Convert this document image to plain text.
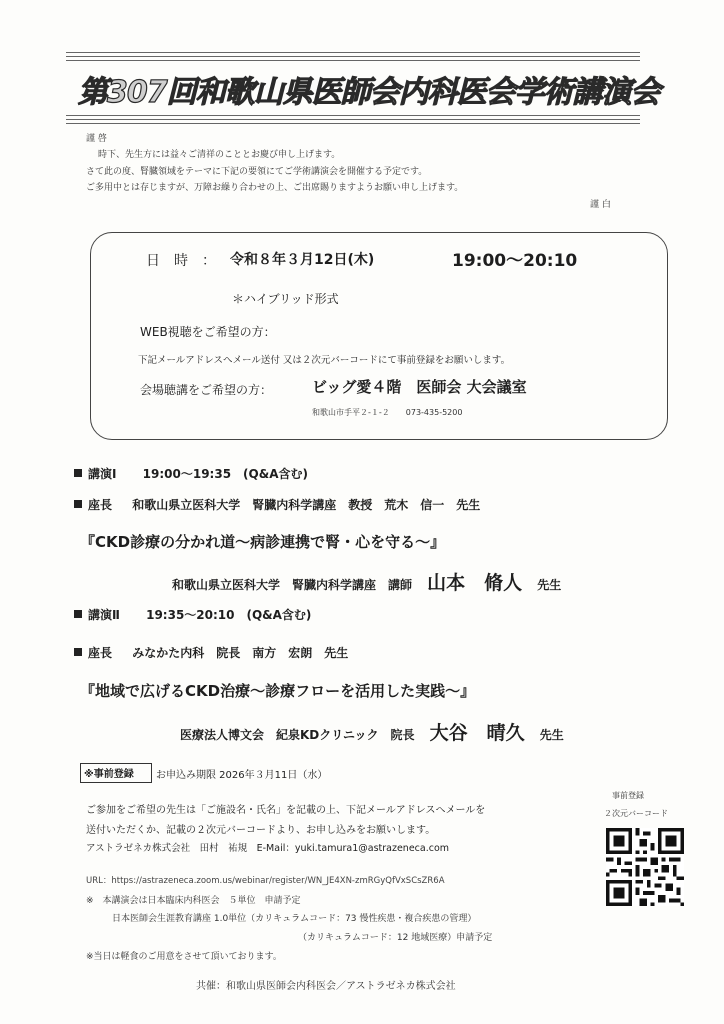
第307回和歌山県医師会内科医会学術講演会
謹 啓
時下、先生方には益々ご清祥のこととお慶び申し上げます。
さて此の度、腎臓領域をテーマに下記の要領にてご学術講演会を開催する予定です。
ご多用中とは存じますが、万障お繰り合わせの上、ご出席賜りますようお願い申し上げます。
謹 白
日　時　： 令和８年３月12日(木)	19:00～20:10
＊ハイブリッド形式
WEB視聴をご希望の方：
下記メールアドレスへメール送付 又は２次元バーコードにて事前登録をお願いします。
会場聴講をご希望の方：	ビッグ愛４階　医師会 大会議室
和歌山市手平２-１-２　　073-435-5200
講演Ⅰ 19:00～19:35　(Q&A含む)
座長 和歌山県立医科大学　腎臓内科学講座　教授　荒木　信一　先生
『CKD診療の分かれ道～病診連携で腎・心を守る～』
和歌山県立医科大学　腎臓内科学講座　講師 山本　脩人 先生
講演Ⅱ 19:35～20:10　(Q&A含む)
座長 みなかた内科　院長　南方　宏朗　先生
『地域で広げるCKD治療～診療フローを活用した実践～』
医療法人博文会　紀泉KDクリニック　院長 大谷　晴久 先生
※事前登録 お申込み期限 2026年３月11日（水）
ご参加をご希望の先生は「ご施設名・氏名」を記載の上、下記メールアドレスへメールを
送付いただくか、記載の２次元バーコードより、お申し込みをお願いします。
アストラゼネカ株式会社　田村　祐規　E-Mail：yuki.tamura1@astrazeneca.com
URL：https://astrazeneca.zoom.us/webinar/register/WN_JE4XN-zmRGyQfVxSCsZR6A
事前登録
２次元バーコード
※　本講演会は日本臨床内科医会　５単位　申請予定
日本医師会生涯教育講座 1.0単位（カリキュラムコード：73 慢性疾患・複合疾患の管理）
（カリキュラムコード：12 地域医療）申請予定
※当日は軽食のご用意をさせて頂いております。
共催：和歌山県医師会内科医会／アストラゼネカ株式会社
